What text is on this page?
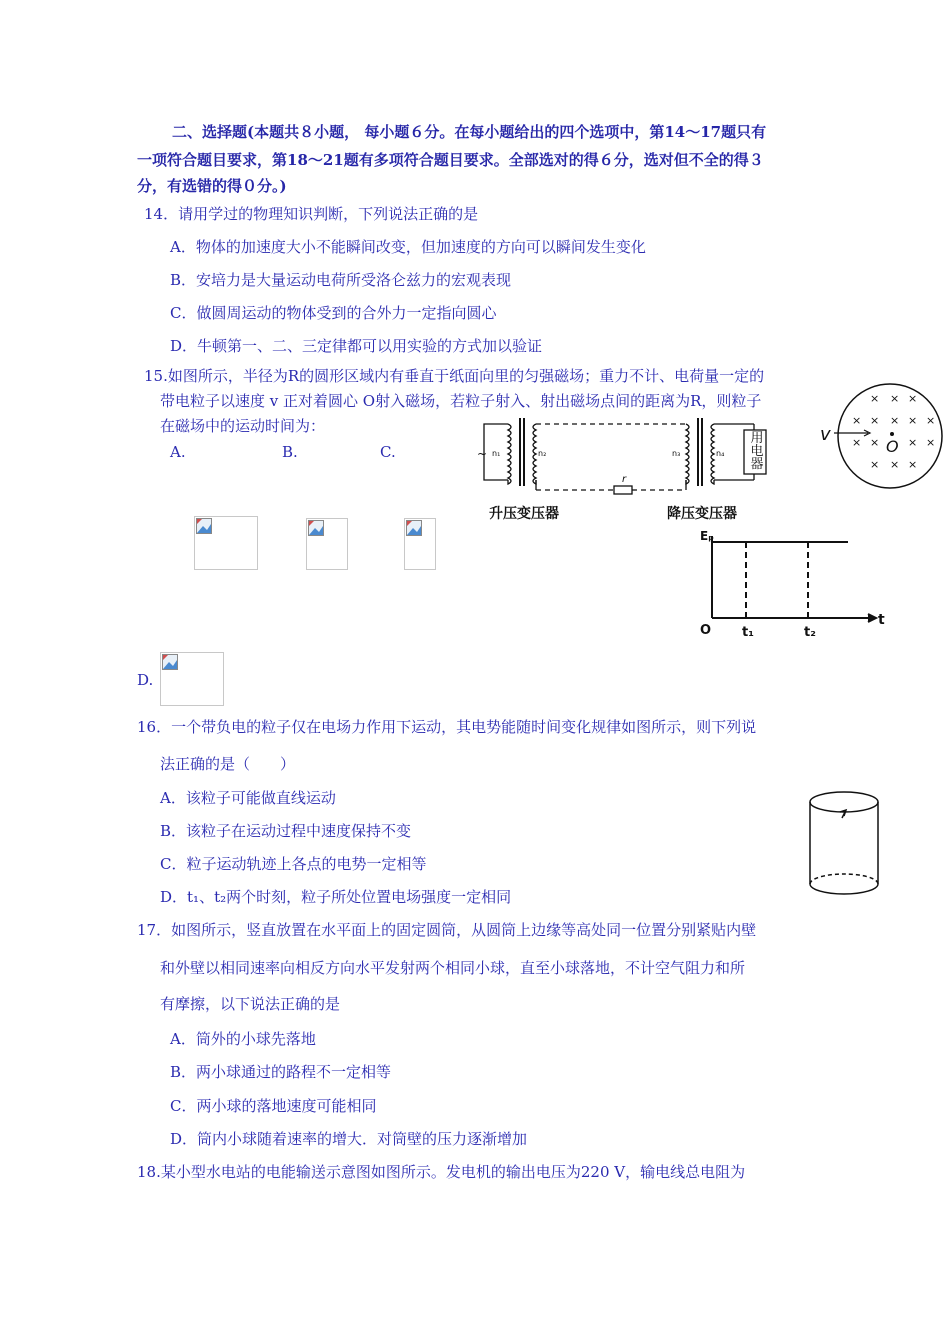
二、选择题(本题共８小题， 每小题６分。在每小题给出的四个选项中，第14～17题只有
一项符合题目要求，第18～21题有多项符合题目要求。全部选对的得６分，选对但不全的得３
分，有选错的得０分。)
14．请用学过的物理知识判断，下列说法正确的是
A．物体的加速度大小不能瞬间改变，但加速度的方向可以瞬间发生变化
B．安培力是大量运动电荷所受洛仑兹力的宏观表现
C．做圆周运动的物体受到的合外力一定指向圆心
D．牛顿第一、二、三定律都可以用实验的方式加以验证
15.如图所示，半径为R的圆形区域内有垂直于纸面向里的匀强磁场；重力不计、电荷量一定的
带电粒子以速度 v 正对着圆心 O射入磁场，若粒子射入、射出磁场点间的距离为R，则粒子
在磁场中的运动时间为：
A.	B.	C.
D.
v
O
× × ×
× × × × ×
× ×	× ×
× × ×
~ n₁	n₂	n₃	n₄
r
用电器
升压变压器	降压变压器
Eₚ
O
t
t₁	t₂
16．一个带负电的粒子仅在电场力作用下运动，其电势能随时间变化规律如图所示，则下列说
法正确的是（　　）
A．该粒子可能做直线运动
B．该粒子在运动过程中速度保持不变
C．粒子运动轨迹上各点的电势一定相等
D．t₁、t₂两个时刻，粒子所处位置电场强度一定相同
17．如图所示，竖直放置在水平面上的固定圆筒，从圆筒上边缘等高处同一位置分别紧贴内壁
和外壁以相同速率向相反方向水平发射两个相同小球，直至小球落地，不计空气阻力和所
有摩擦，以下说法正确的是
A．筒外的小球先落地
B．两小球通过的路程不一定相等
C．两小球的落地速度可能相同
D．筒内小球随着速率的增大．对筒壁的压力逐渐增加
18.某小型水电站的电能输送示意图如图所示。发电机的输出电压为220 V，输电线总电阻为
